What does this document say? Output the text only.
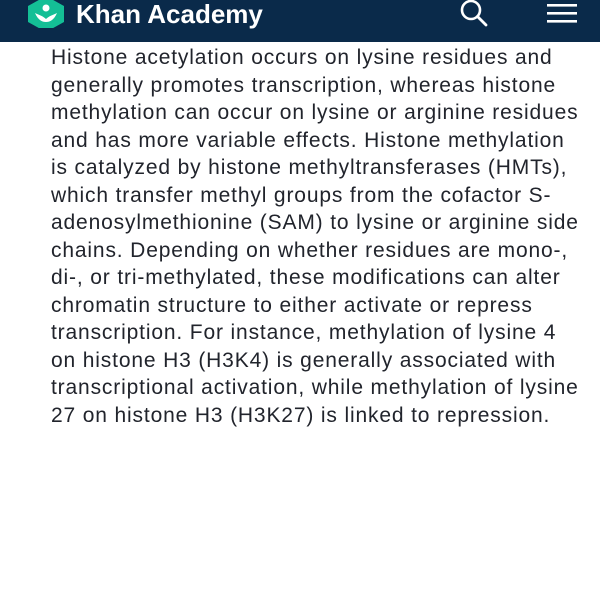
Khan Academy

Histone acetylation occurs on lysine residues and generally promotes transcription, whereas histone methylation can occur on lysine or arginine residues and has more variable effects. Histone methylation is catalyzed by histone methyltransferases (HMTs), which transfer methyl groups from the cofactor S-adenosylmethionine (SAM) to lysine or arginine side chains. Depending on whether residues are mono-, di-, or tri-methylated, these modifications can alter chromatin structure to either activate or repress transcription. For instance, methylation of lysine 4 on histone H3 (H3K4) is generally associated with transcriptional activation, while methylation of lysine 27 on histone H3 (H3K27) is linked to repression.
